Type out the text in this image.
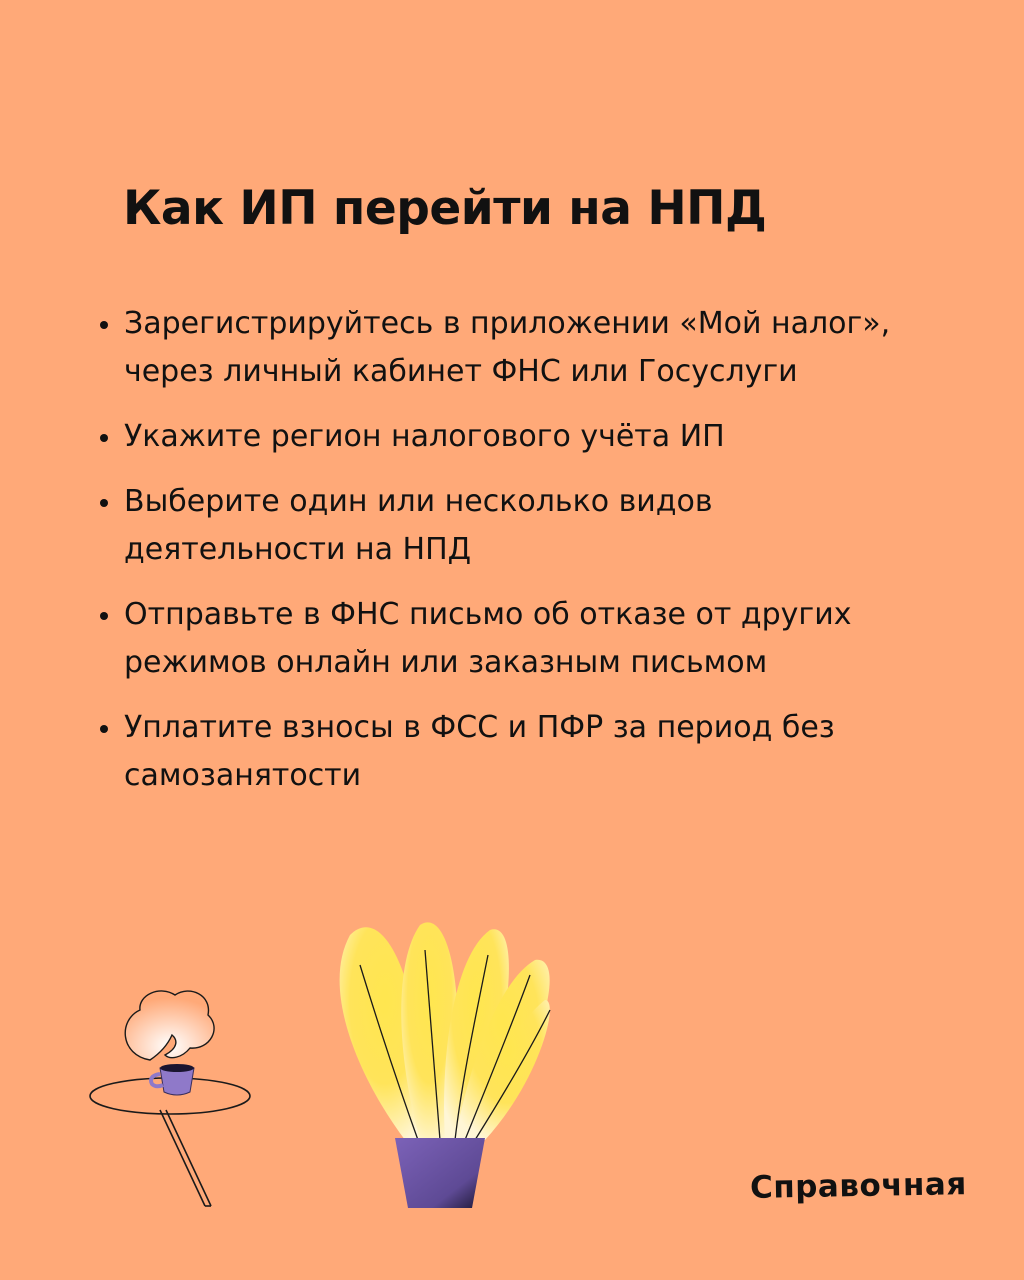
Как ИП перейти на НПД
Зарегистрируйтесь в приложении «Мой налог», через личный кабинет ФНС или Госуслуги
Укажите регион налогового учёта ИП
Выберите один или несколько видов деятельности на НПД
Отправьте в ФНС письмо об отказе от других режимов онлайн или заказным письмом
Уплатите взносы в ФСС и ПФР за период без самозанятости
Справочная
